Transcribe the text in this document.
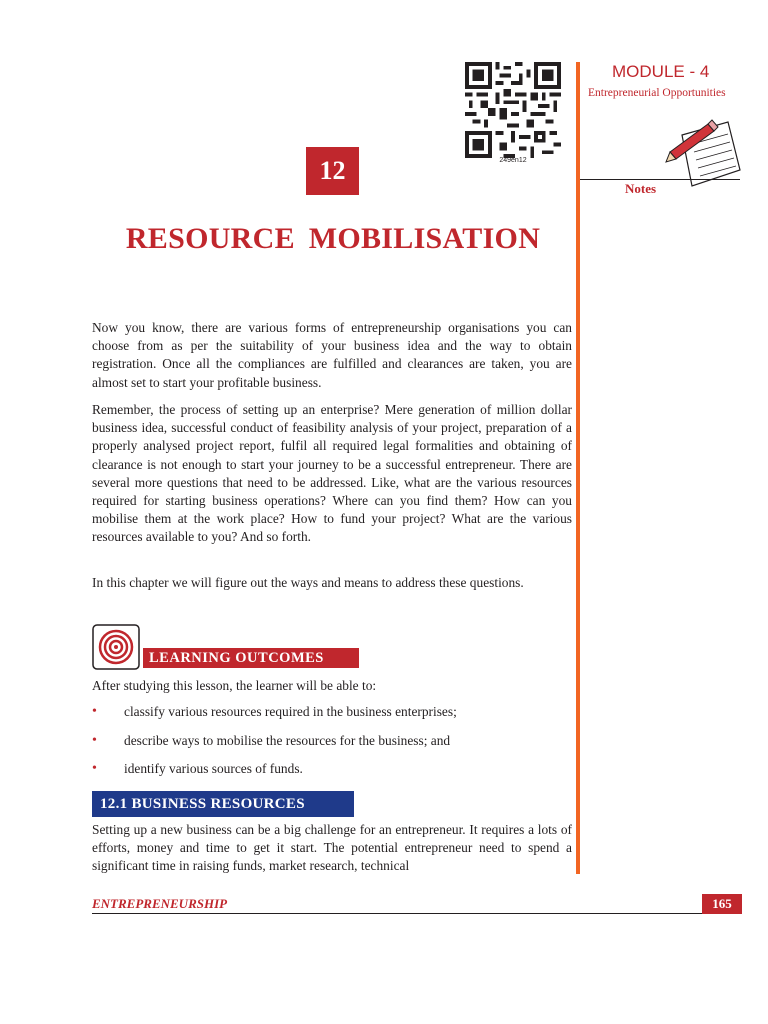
249en12
12
RESOURCE MOBILISATION
MODULE - 4
Entrepreneurial Opportunities
Notes

Now you know, there are various forms of entrepreneurship organisations you can choose from as per the suitability of your business idea and the way to obtain registration. Once all the compliances are fulfilled and clearances are taken, you are almost set to start your profitable business.

Remember, the process of setting up an enterprise? Mere generation of million dollar business idea, successful conduct of feasibility analysis of your project, preparation of a properly analysed project report, fulfil all required legal formalities and obtaining of clearance is not enough to start your journey to be a successful entrepreneur. There are several more questions that need to be addressed. Like, what are the various resources required for starting business operations? Where can you find them? How can you mobilise them at the work place? How to fund your project? What are the various resources available to you? And so forth.

In this chapter we will figure out the ways and means to address these questions.

LEARNING OUTCOMES

After studying this lesson, the learner will be able to:

• classify various resources required in the business enterprises;
• describe ways to mobilise the resources for the business; and
• identify various sources of funds.
12.1 BUSINESS RESOURCES

Setting up a new business can be a big challenge for an entrepreneur. It requires a lots of efforts, money and time to get it start. The potential entrepreneur need to spend a significant time in raising funds, market research, technical

ENTREPRENEURSHIP	165
